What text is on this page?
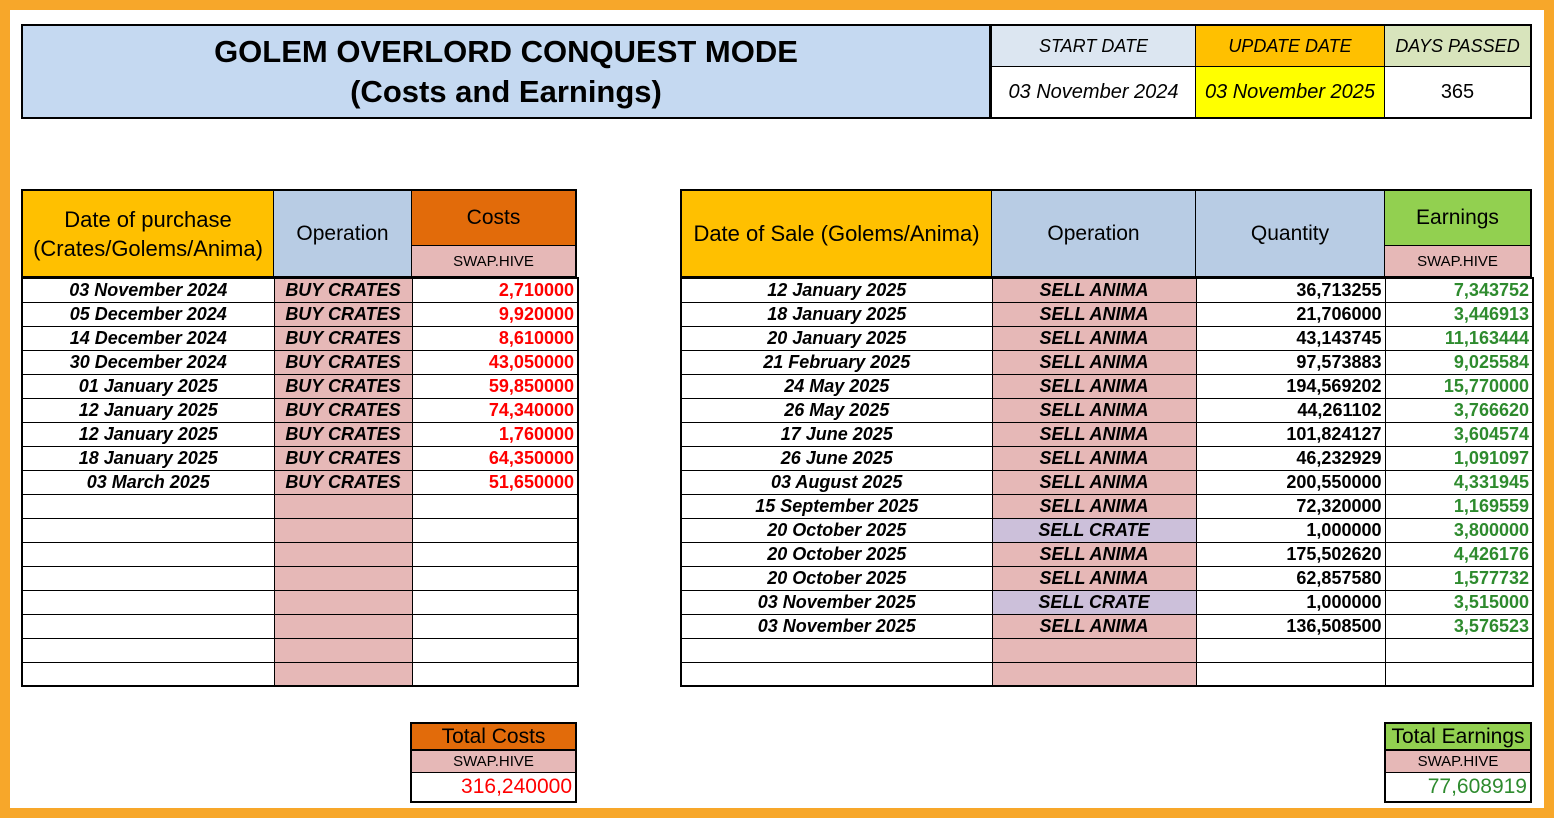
GOLEM OVERLORD CONQUEST MODE
(Costs and Earnings)
START DATE	UPDATE DATE	DAYS PASSED
03 November 2024	03 November 2025	365
Date of purchase
(Crates/Golems/Anima)
Operation
Costs
SWAP.HIVE
03 November 2024	BUY CRATES	2,710000
05 December 2024	BUY CRATES	9,920000
14 December 2024	BUY CRATES	8,610000
30 December 2024	BUY CRATES	43,050000
01 January 2025	BUY CRATES	59,850000
12 January 2025	BUY CRATES	74,340000
12 January 2025	BUY CRATES	1,760000
18 January 2025	BUY CRATES	64,350000
03 March 2025	BUY CRATES	51,650000

Total Costs
SWAP.HIVE
316,240000
Date of Sale (Golems/Anima)	Operation	Quantity
Earnings
SWAP.HIVE
12 January 2025	SELL ANIMA	36,713255	7,343752
18 January 2025	SELL ANIMA	21,706000	3,446913
20 January 2025	SELL ANIMA	43,143745	11,163444
21 February 2025	SELL ANIMA	97,573883	9,025584
24 May 2025	SELL ANIMA	194,569202	15,770000
26 May 2025	SELL ANIMA	44,261102	3,766620
17 June 2025	SELL ANIMA	101,824127	3,604574
26 June 2025	SELL ANIMA	46,232929	1,091097
03 August 2025	SELL ANIMA	200,550000	4,331945
15 September 2025	SELL ANIMA	72,320000	1,169559
20 October 2025	SELL CRATE	1,000000	3,800000
20 October 2025	SELL ANIMA	175,502620	4,426176
20 October 2025	SELL ANIMA	62,857580	1,577732
03 November 2025	SELL CRATE	1,000000	3,515000
03 November 2025	SELL ANIMA	136,508500	3,576523

Total Earnings
SWAP.HIVE
77,608919
